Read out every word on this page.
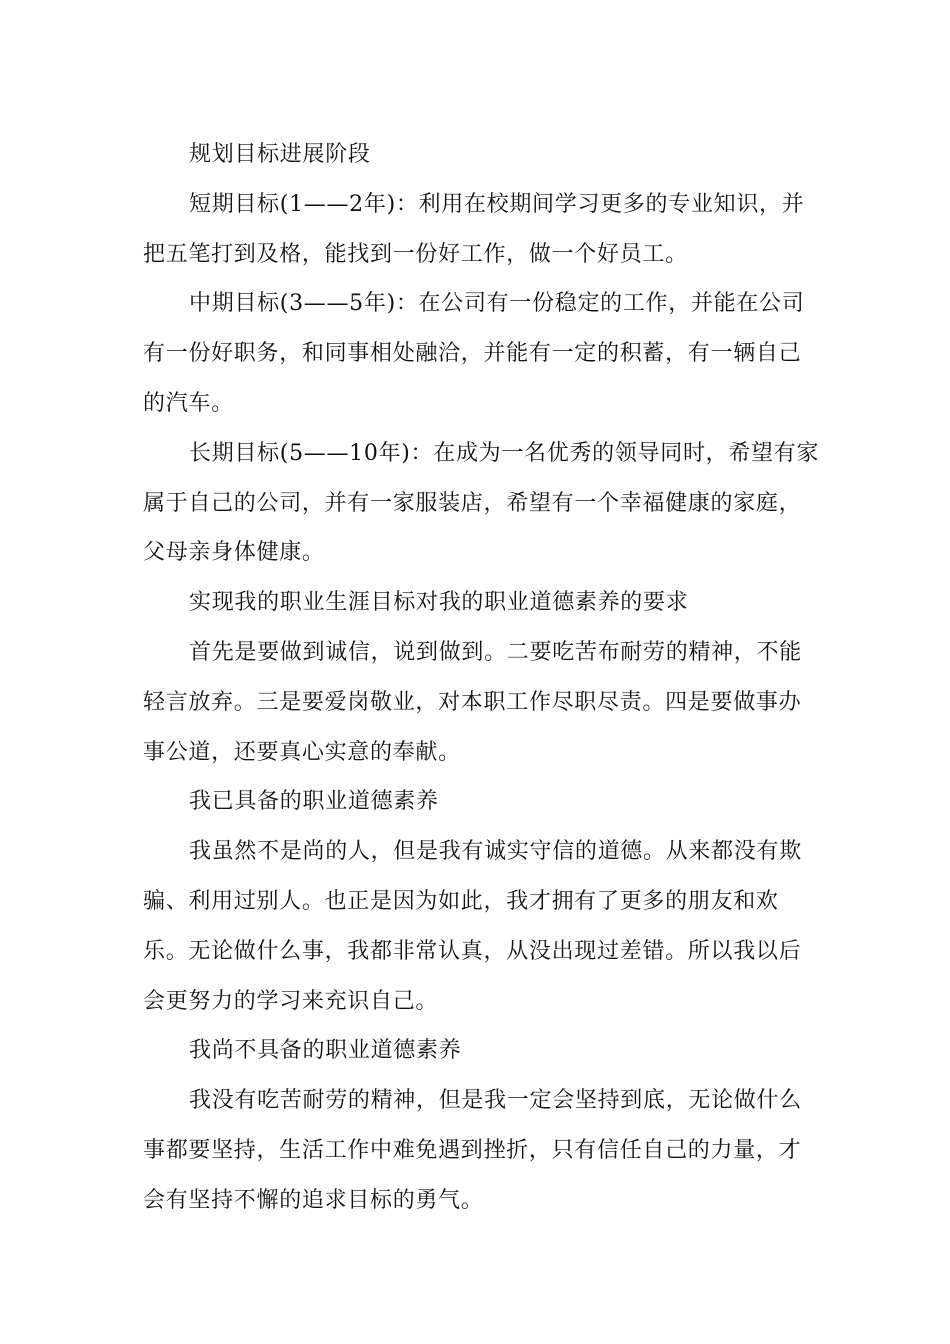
规划目标进展阶段

短期目标(1——2年)：利用在校期间学习更多的专业知识，并把五笔打到及格，能找到一份好工作，做一个好员工。

中期目标(3——5年)：在公司有一份稳定的工作，并能在公司有一份好职务，和同事相处融洽，并能有一定的积蓄，有一辆自己的汽车。

长期目标(5——10年)：在成为一名优秀的领导同时，希望有家属于自己的公司，并有一家服装店，希望有一个幸福健康的家庭，父母亲身体健康。

实现我的职业生涯目标对我的职业道德素养的要求

首先是要做到诚信，说到做到。二要吃苦布耐劳的精神，不能轻言放弃。三是要爱岗敬业，对本职工作尽职尽责。四是要做事办事公道，还要真心实意的奉献。

我已具备的职业道德素养

我虽然不是尚的人，但是我有诚实守信的道德。从来都没有欺骗、利用过别人。也正是因为如此，我才拥有了更多的朋友和欢乐。无论做什么事，我都非常认真，从没出现过差错。所以我以后会更努力的学习来充识自己。

我尚不具备的职业道德素养

我没有吃苦耐劳的精神，但是我一定会坚持到底，无论做什么事都要坚持，生活工作中难免遇到挫折，只有信任自己的力量，才会有坚持不懈的追求目标的勇气。
